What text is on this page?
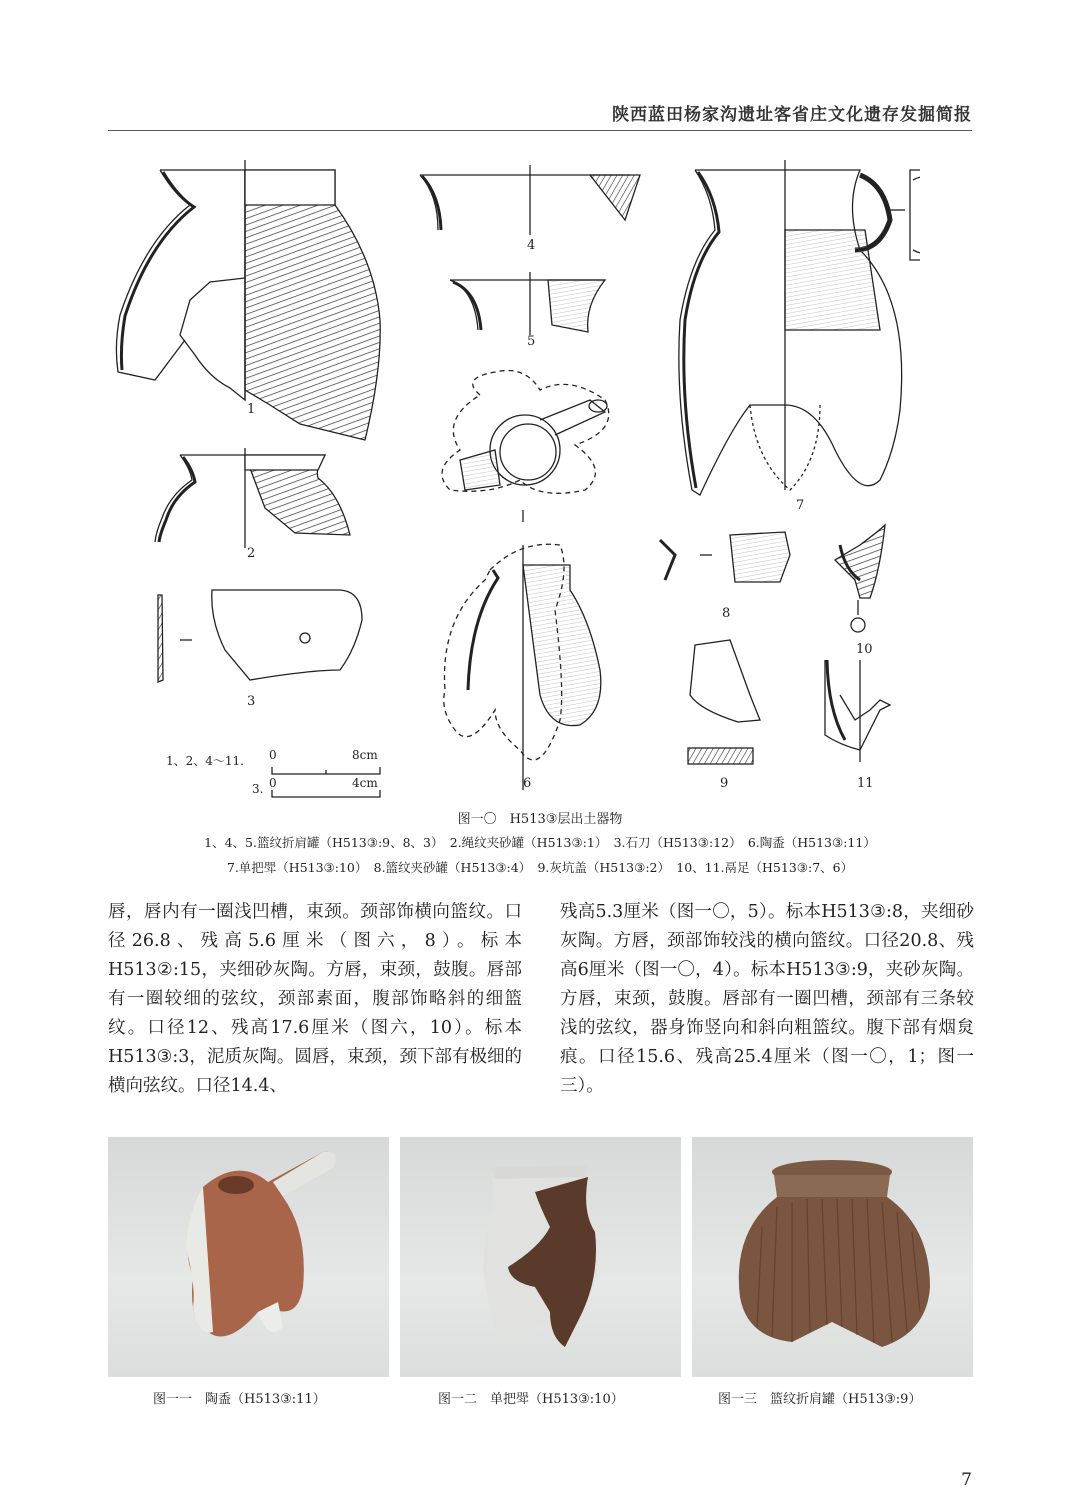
陕西蓝田杨家沟遗址客省庄文化遗存发掘简报
1
2
3
4
5
6
7
8
9
10
11
1、2、4～11.
3.
0	8cm
0	4cm
图一〇　H513③层出土器物
1、4、5.篮纹折肩罐（H513③:9、8、3）　2.绳纹夹砂罐（H513③:1）　3.石刀（H513③:12）　6.陶盉（H513③:11）
7.单把斝（H513③:10）　8.篮纹夹砂罐（H513③:4）　9.灰坑盖（H513③:2）　10、11.鬲足（H513③:7、6）

唇，唇内有一圈浅凹槽，束颈。颈部饰横向篮纹。口径26.8、残高5.6厘米（图六，8）。标本H513②:15，夹细砂灰陶。方唇，束颈，鼓腹。唇部有一圈较细的弦纹，颈部素面，腹部饰略斜的细篮纹。口径12、残高17.6厘米（图六，10）。标本H513③:3，泥质灰陶。圆唇，束颈，颈下部有极细的横向弦纹。口径14.4、

残高5.3厘米（图一〇，5）。标本H513③:8，夹细砂灰陶。方唇，颈部饰较浅的横向篮纹。口径20.8、残高6厘米（图一〇，4）。标本H513③:9，夹砂灰陶。方唇，束颈，鼓腹。唇部有一圈凹槽，颈部有三条较浅的弦纹，器身饰竖向和斜向粗篮纹。腹下部有烟炱痕。口径15.6、残高25.4厘米（图一〇，1；图一三）。

图一一　陶盉（H513③:11）	图一二　单把斝（H513③:10）	图一三　篮纹折肩罐（H513③:9）
7
